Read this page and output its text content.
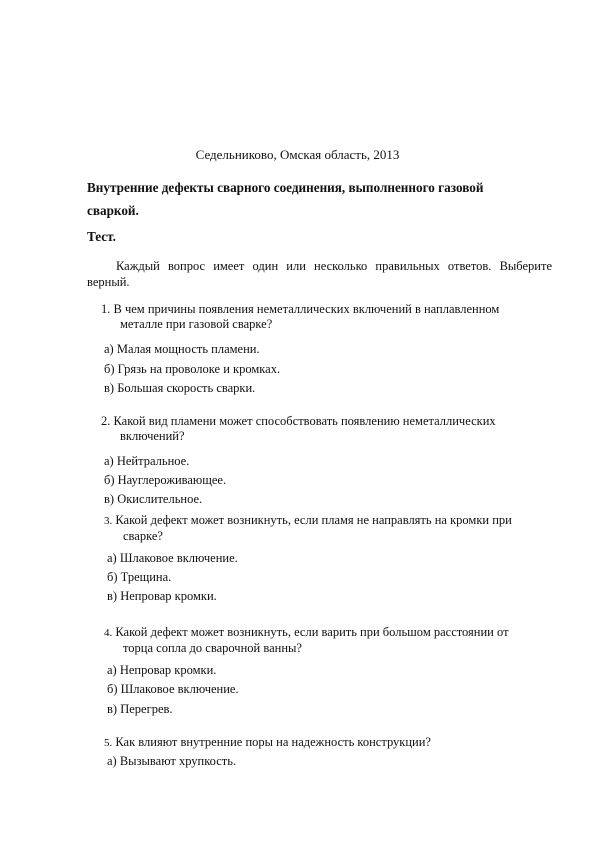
Седельниково, Омская область, 2013
Внутренние дефекты сварного соединения, выполненного газовой сваркой.
Тест.
Каждый вопрос имеет один или несколько правильных ответов. Выберите верный.
1. В чем причины появления неметаллических включений в наплавленном
металле при газовой сварке?
а) Малая мощность пламени.
б) Грязь на проволоке и кромках.
в) Большая скорость сварки.
2. Какой вид пламени может способствовать появлению неметаллических
включений?
а) Нейтральное.
б) Науглероживающее.
в) Окислительное.
3. Какой дефект может возникнуть, если пламя не направлять на кромки при
сварке?
а) Шлаковое включение.
б) Трещина.
в) Непровар кромки.
4. Какой дефект может возникнуть, если варить при большом расстоянии от
торца сопла до сварочной ванны?
а) Непровар кромки.
б) Шлаковое включение.
в) Перегрев.
5. Как влияют внутренние поры на надежность конструкции?
а) Вызывают хрупкость.
